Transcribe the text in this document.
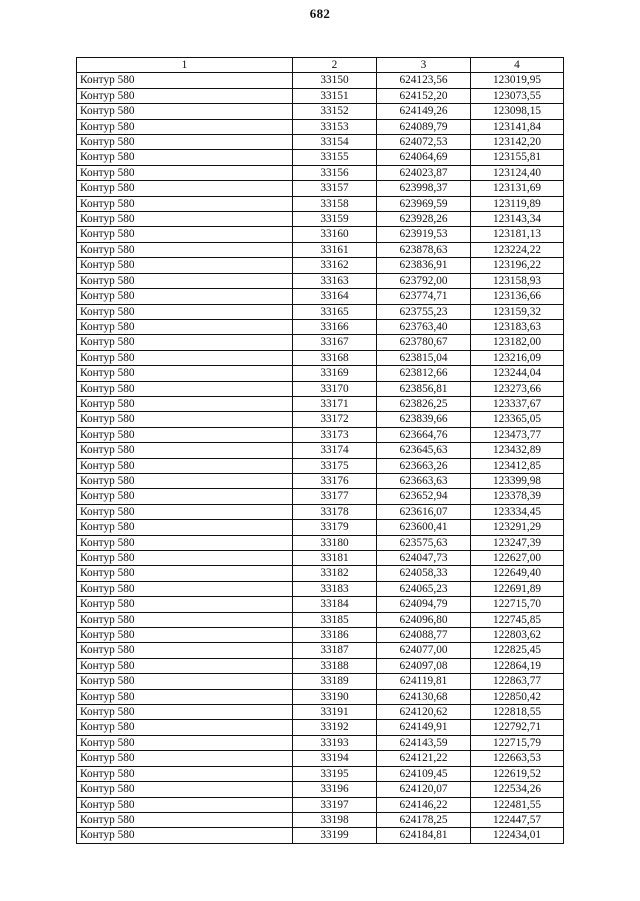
682
1	2	3	4
Контур 580	33150	624123,56	123019,95
Контур 580	33151	624152,20	123073,55
Контур 580	33152	624149,26	123098,15
Контур 580	33153	624089,79	123141,84
Контур 580	33154	624072,53	123142,20
Контур 580	33155	624064,69	123155,81
Контур 580	33156	624023,87	123124,40
Контур 580	33157	623998,37	123131,69
Контур 580	33158	623969,59	123119,89
Контур 580	33159	623928,26	123143,34
Контур 580	33160	623919,53	123181,13
Контур 580	33161	623878,63	123224,22
Контур 580	33162	623836,91	123196,22
Контур 580	33163	623792,00	123158,93
Контур 580	33164	623774,71	123136,66
Контур 580	33165	623755,23	123159,32
Контур 580	33166	623763,40	123183,63
Контур 580	33167	623780,67	123182,00
Контур 580	33168	623815,04	123216,09
Контур 580	33169	623812,66	123244,04
Контур 580	33170	623856,81	123273,66
Контур 580	33171	623826,25	123337,67
Контур 580	33172	623839,66	123365,05
Контур 580	33173	623664,76	123473,77
Контур 580	33174	623645,63	123432,89
Контур 580	33175	623663,26	123412,85
Контур 580	33176	623663,63	123399,98
Контур 580	33177	623652,94	123378,39
Контур 580	33178	623616,07	123334,45
Контур 580	33179	623600,41	123291,29
Контур 580	33180	623575,63	123247,39
Контур 580	33181	624047,73	122627,00
Контур 580	33182	624058,33	122649,40
Контур 580	33183	624065,23	122691,89
Контур 580	33184	624094,79	122715,70
Контур 580	33185	624096,80	122745,85
Контур 580	33186	624088,77	122803,62
Контур 580	33187	624077,00	122825,45
Контур 580	33188	624097,08	122864,19
Контур 580	33189	624119,81	122863,77
Контур 580	33190	624130,68	122850,42
Контур 580	33191	624120,62	122818,55
Контур 580	33192	624149,91	122792,71
Контур 580	33193	624143,59	122715,79
Контур 580	33194	624121,22	122663,53
Контур 580	33195	624109,45	122619,52
Контур 580	33196	624120,07	122534,26
Контур 580	33197	624146,22	122481,55
Контур 580	33198	624178,25	122447,57
Контур 580	33199	624184,81	122434,01
